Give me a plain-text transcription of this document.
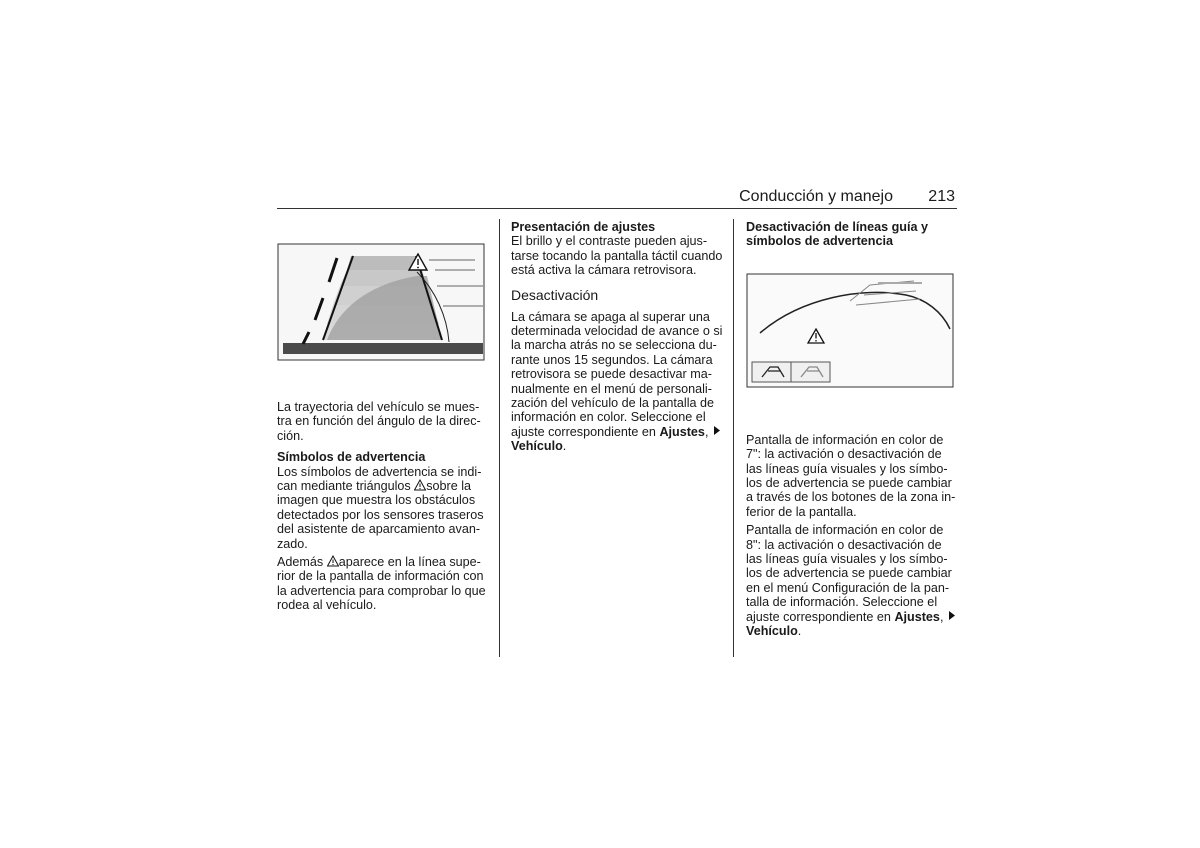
Conducción y manejo 213

La trayectoria del vehículo se mues-

tra en función del ángulo de la direc-

ción.

Símbolos de advertencia

Los símbolos de advertencia se indi-

can mediante triángulos sobre la

imagen que muestra los obstáculos

detectados por los sensores traseros

del asistente de aparcamiento avan-

zado.

Además aparece en la línea supe-

rior de la pantalla de información con

la advertencia para comprobar lo que

rodea al vehículo.

Presentación de ajustes

El brillo y el contraste pueden ajus-

tarse tocando la pantalla táctil cuando

está activa la cámara retrovisora.

Desactivación

La cámara se apaga al superar una

determinada velocidad de avance o si

la marcha atrás no se selecciona du-

rante unos 15 segundos. La cámara

retrovisora se puede desactivar ma-

nualmente en el menú de personali-

zación del vehículo de la pantalla de

información en color. Seleccione el

ajuste correspondiente en Ajustes,

Vehículo.

Desactivación de líneas guía y

símbolos de advertencia

Pantalla de información en color de

7": la activación o desactivación de

las líneas guía visuales y los símbo-

los de advertencia se puede cambiar

a través de los botones de la zona in-

ferior de la pantalla.

Pantalla de información en color de

8": la activación o desactivación de

las líneas guía visuales y los símbo-

los de advertencia se puede cambiar

en el menú Configuración de la pan-

talla de información. Seleccione el

ajuste correspondiente en Ajustes,

Vehículo.
